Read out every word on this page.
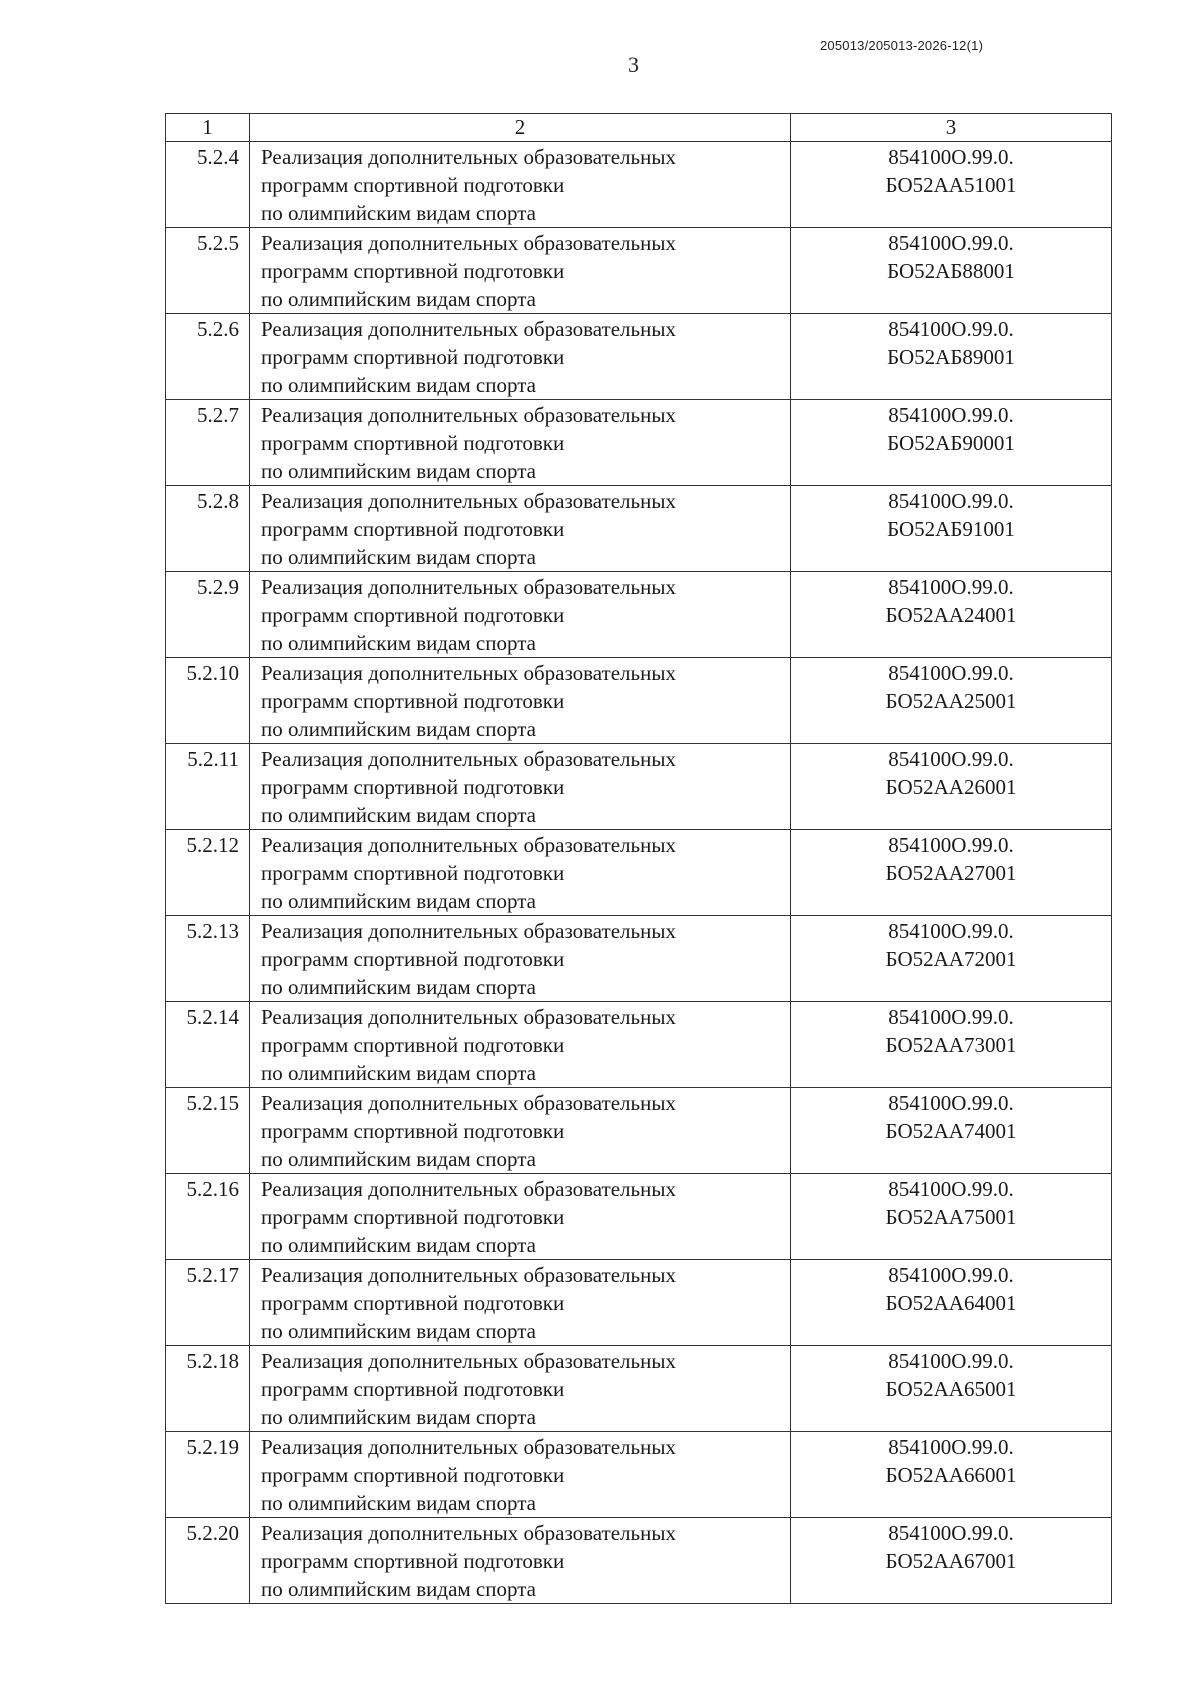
205013/205013-2026-12(1)
3
1	2	3
5.2.4	Реализация дополнительных образовательных
программ спортивной подготовки
по олимпийским видам спорта	854100О.99.0.
БО52АА51001

5.2.5	Реализация дополнительных образовательных
программ спортивной подготовки
по олимпийским видам спорта	854100О.99.0.
БО52АБ88001

5.2.6	Реализация дополнительных образовательных
программ спортивной подготовки
по олимпийским видам спорта	854100О.99.0.
БО52АБ89001

5.2.7	Реализация дополнительных образовательных
программ спортивной подготовки
по олимпийским видам спорта	854100О.99.0.
БО52АБ90001

5.2.8	Реализация дополнительных образовательных
программ спортивной подготовки
по олимпийским видам спорта	854100О.99.0.
БО52АБ91001

5.2.9	Реализация дополнительных образовательных
программ спортивной подготовки
по олимпийским видам спорта	854100О.99.0.
БО52АА24001

5.2.10	Реализация дополнительных образовательных
программ спортивной подготовки
по олимпийским видам спорта	854100О.99.0.
БО52АА25001

5.2.11	Реализация дополнительных образовательных
программ спортивной подготовки
по олимпийским видам спорта	854100О.99.0.
БО52АА26001

5.2.12	Реализация дополнительных образовательных
программ спортивной подготовки
по олимпийским видам спорта	854100О.99.0.
БО52АА27001

5.2.13	Реализация дополнительных образовательных
программ спортивной подготовки
по олимпийским видам спорта	854100О.99.0.
БО52АА72001

5.2.14	Реализация дополнительных образовательных
программ спортивной подготовки
по олимпийским видам спорта	854100О.99.0.
БО52АА73001

5.2.15	Реализация дополнительных образовательных
программ спортивной подготовки
по олимпийским видам спорта	854100О.99.0.
БО52АА74001

5.2.16	Реализация дополнительных образовательных
программ спортивной подготовки
по олимпийским видам спорта	854100О.99.0.
БО52АА75001

5.2.17	Реализация дополнительных образовательных
программ спортивной подготовки
по олимпийским видам спорта	854100О.99.0.
БО52АА64001

5.2.18	Реализация дополнительных образовательных
программ спортивной подготовки
по олимпийским видам спорта	854100О.99.0.
БО52АА65001

5.2.19	Реализация дополнительных образовательных
программ спортивной подготовки
по олимпийским видам спорта	854100О.99.0.
БО52АА66001

5.2.20	Реализация дополнительных образовательных
программ спортивной подготовки
по олимпийским видам спорта	854100О.99.0.
БО52АА67001
